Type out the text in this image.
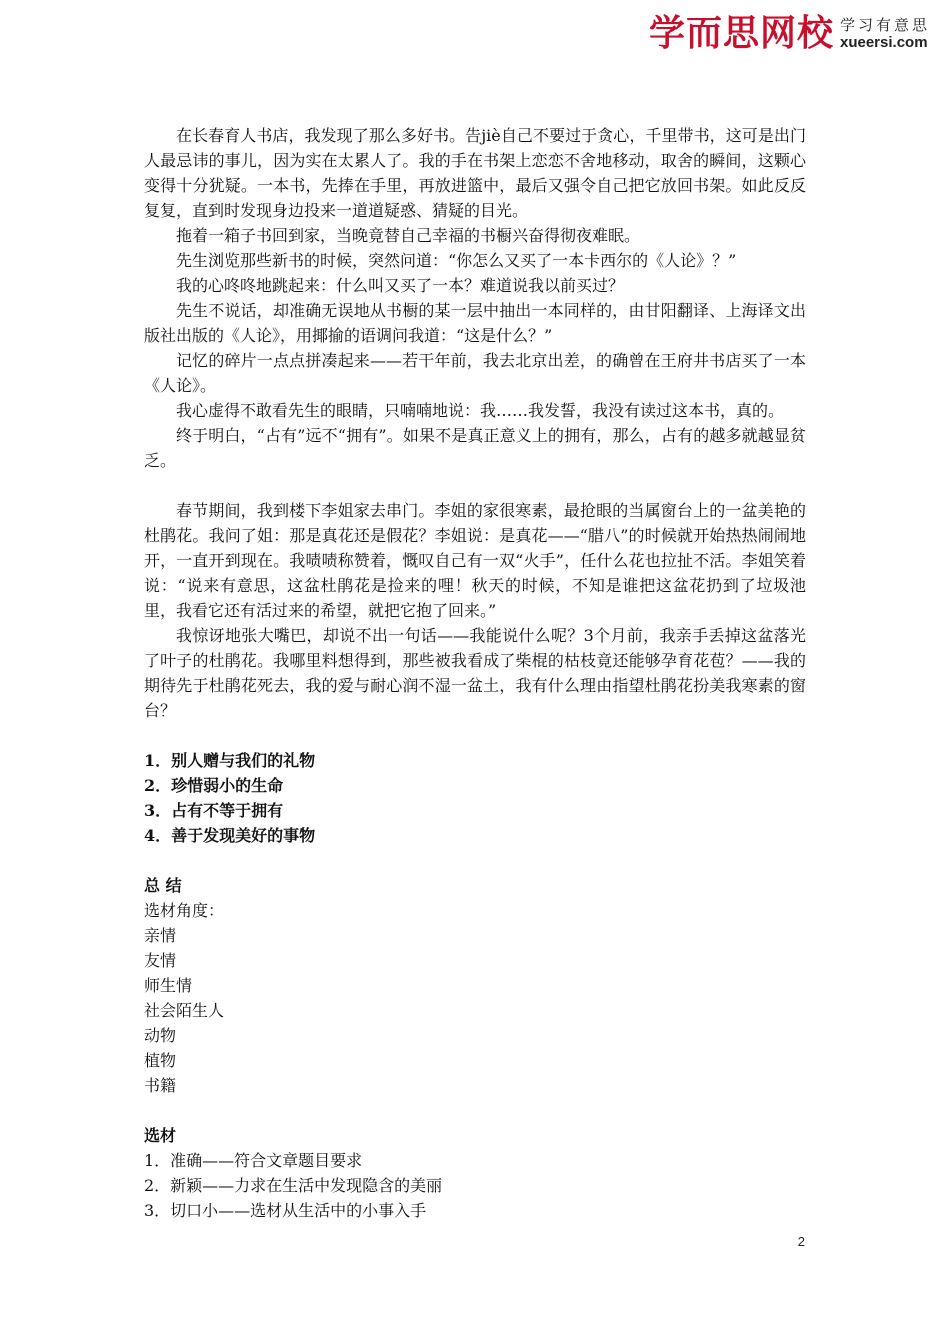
学而思网校 学习有意思
xueersi.com

在长春育人书店，我发现了那么多好书。告jiè自己不要过于贪心，千里带书，这可是出门人最忌讳的事儿，因为实在太累人了。我的手在书架上恋恋不舍地移动，取舍的瞬间，这颗心变得十分犹疑。一本书，先捧在手里，再放进篮中，最后又强令自己把它放回书架。如此反反复复，直到时发现身边投来一道道疑惑、猜疑的目光。

拖着一箱子书回到家，当晚竟替自己幸福的书橱兴奋得彻夜难眠。

先生浏览那些新书的时候，突然问道：“你怎么又买了一本卡西尔的《人论》？”

我的心咚咚地跳起来：什么叫又买了一本？难道说我以前买过？

先生不说话，却准确无误地从书橱的某一层中抽出一本同样的，由甘阳翻译、上海译文出版社出版的《人论》，用揶揄的语调问我道：“这是什么？”

记忆的碎片一点点拼凑起来——若干年前，我去北京出差，的确曾在王府井书店买了一本《人论》。

我心虚得不敢看先生的眼睛，只喃喃地说：我……我发誓，我没有读过这本书，真的。

终于明白，“占有”远不“拥有”。如果不是真正意义上的拥有，那么，占有的越多就越显贫乏。

春节期间，我到楼下李姐家去串门。李姐的家很寒素，最抢眼的当属窗台上的一盆美艳的杜鹃花。我问了姐：那是真花还是假花？李姐说：是真花——“腊八”的时候就开始热热闹闹地开，一直开到现在。我啧啧称赞着，慨叹自己有一双“火手”，任什么花也拉扯不活。李姐笑着说：“说来有意思，这盆杜鹃花是捡来的哩！秋天的时候，不知是谁把这盆花扔到了垃圾池里，我看它还有活过来的希望，就把它抱了回来。”

我惊讶地张大嘴巴，却说不出一句话——我能说什么呢？3个月前，我亲手丢掉这盆落光了叶子的杜鹃花。我哪里料想得到，那些被我看成了柴棍的枯枝竟还能够孕育花苞？——我的期待先于杜鹃花死去，我的爱与耐心润不湿一盆土，我有什么理由指望杜鹃花扮美我寒素的窗台？

1．别人赠与我们的礼物

2．珍惜弱小的生命

3．占有不等于拥有

4．善于发现美好的事物

总 结

选材角度：

亲情

友情

师生情

社会陌生人

动物

植物

书籍

选材

1．准确——符合文章题目要求

2．新颖——力求在生活中发现隐含的美丽

3．切口小——选材从生活中的小事入手

2
